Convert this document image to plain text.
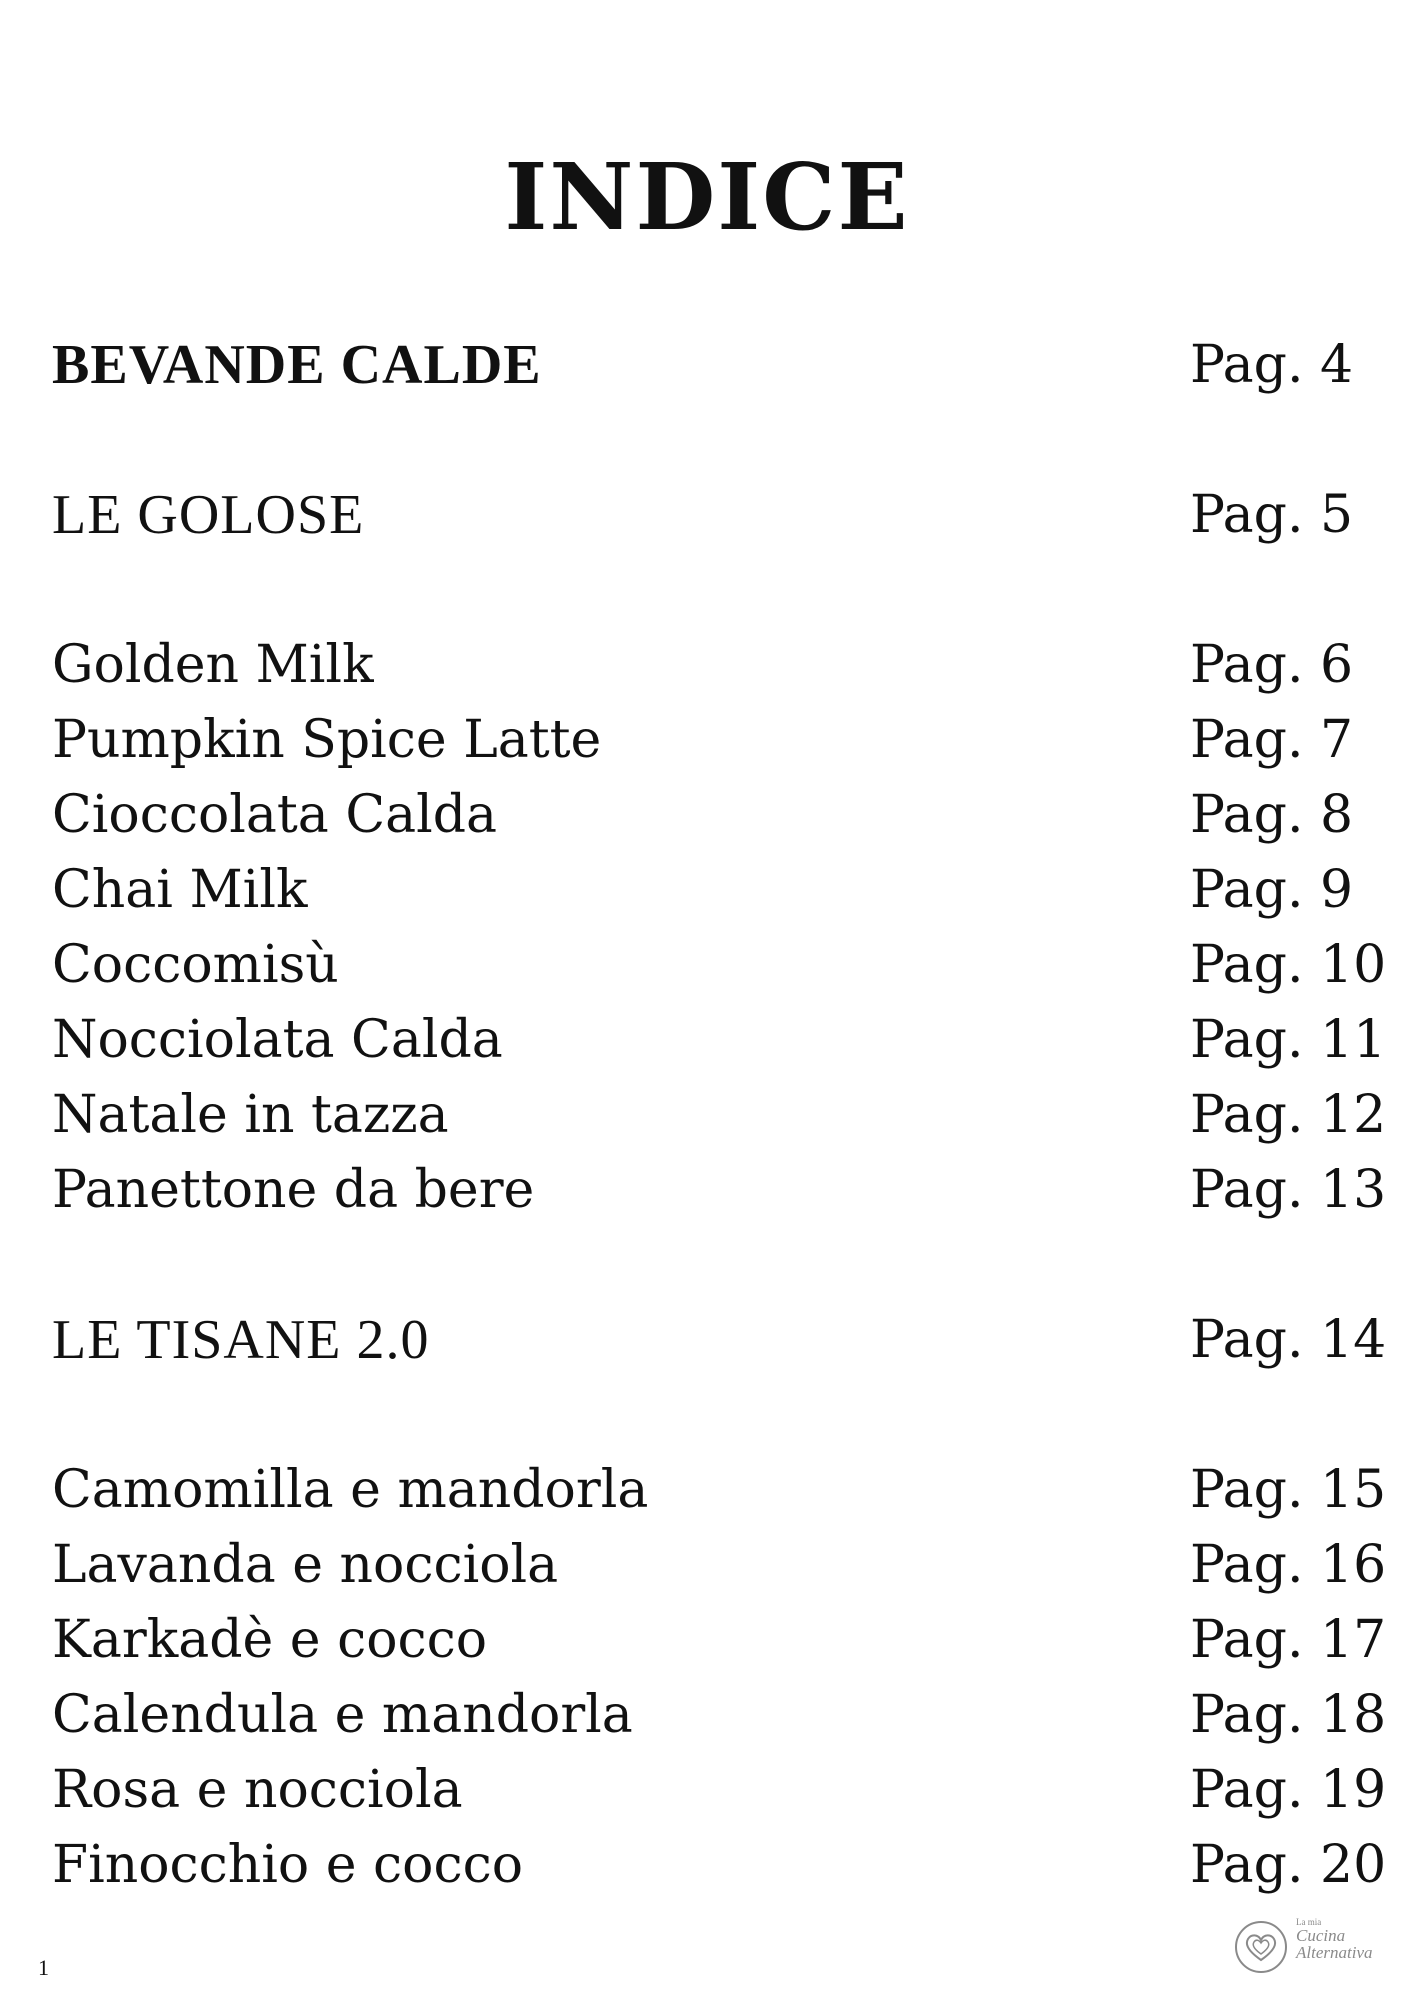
INDICE
BEVANDE CALDE	Pag. 4
LE GOLOSE	Pag. 5
Golden Milk	Pag. 6
Pumpkin Spice Latte	Pag. 7
Cioccolata Calda	Pag. 8
Chai Milk	Pag. 9
Coccomisù	Pag. 10
Nocciolata Calda	Pag. 11
Natale in tazza	Pag. 12
Panettone da bere	Pag. 13
LE TISANE 2.0	Pag. 14
Camomilla e mandorla	Pag. 15
Lavanda e nocciola	Pag. 16
Karkadè e cocco	Pag. 17
Calendula e mandorla	Pag. 18
Rosa e nocciola	Pag. 19
Finocchio e cocco	Pag. 20
1
La mia
Cucina
Alternativa
